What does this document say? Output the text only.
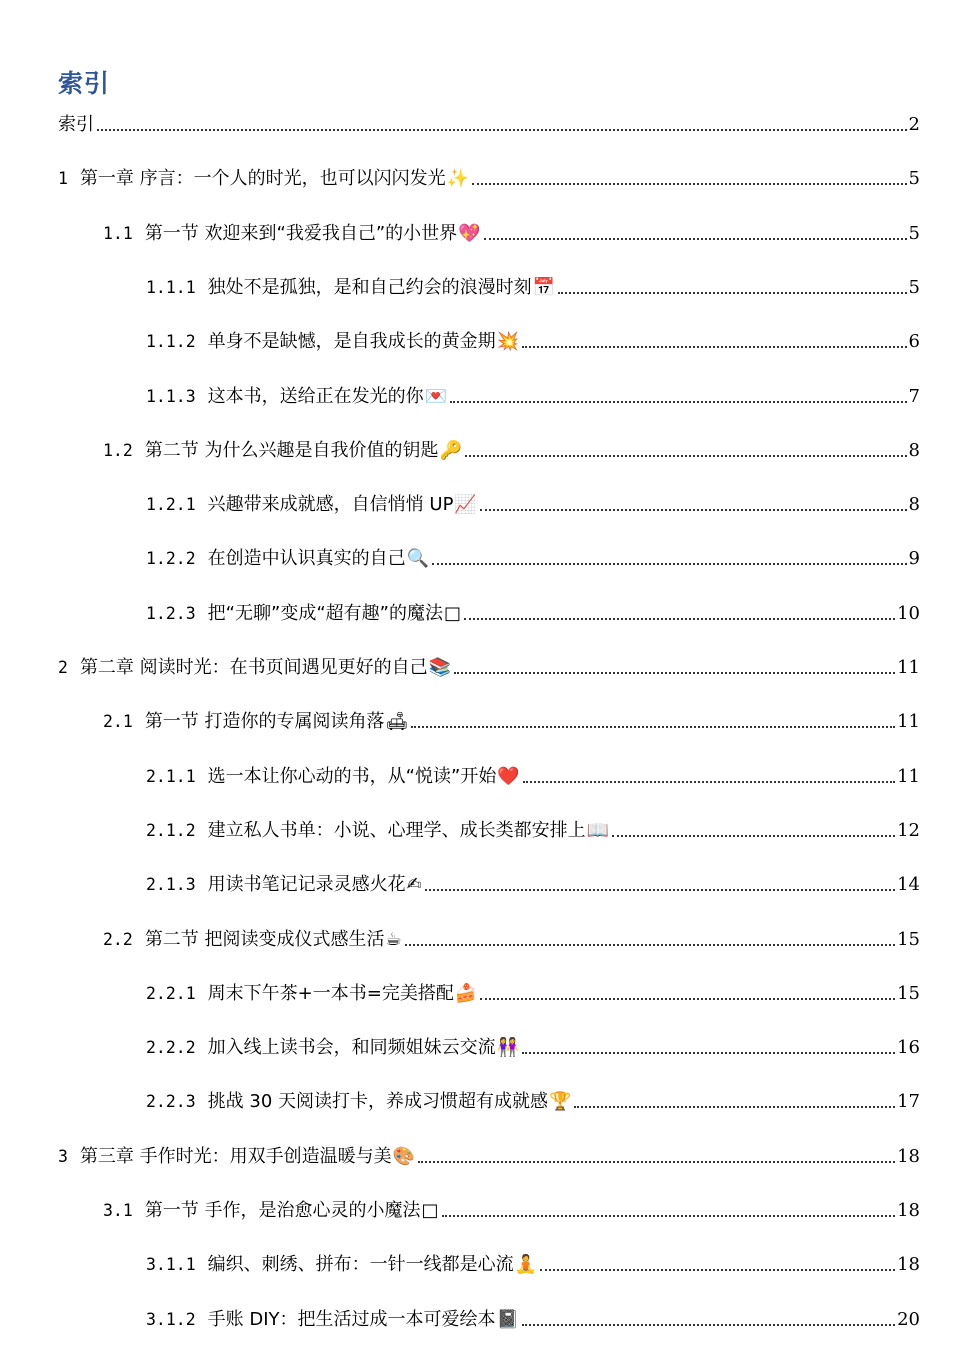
索引
索引	2
1 第一章 序言：一个人的时光，也可以闪闪发光 ✨	5
1.1 第一节 欢迎来到“我爱我自己”的小世界 💖	5
1.1.1 独处不是孤独，是和自己约会的浪漫时刻 📅	5
1.1.2 单身不是缺憾，是自我成长的黄金期 💥	6
1.1.3 这本书，送给正在发光的你 💌	7
1.2 第二节 为什么兴趣是自我价值的钥匙 🔑	8
1.2.1 兴趣带来成就感，自信悄悄 UP 📈	8
1.2.2 在创造中认识真实的自己 🔍	9
1.2.3 把“无聊”变成“超有趣”的魔法 □	10
2 第二章 阅读时光：在书页间遇见更好的自己 📚	11
2.1 第一节 打造你的专属阅读角落 🛋	11
2.1.1 选一本让你心动的书，从“悦读”开始 ❤️	11
2.1.2 建立私人书单：小说、心理学、成长类都安排上 📖	12
2.1.3 用读书笔记记录灵感火花 ✍	14
2.2 第二节 把阅读变成仪式感生活 ☕	15
2.2.1 周末下午茶+一本书=完美搭配 🍰	15
2.2.2 加入线上读书会，和同频姐妹云交流 👭	16
2.2.3 挑战 30 天阅读打卡，养成习惯超有成就感 🏆	17
3 第三章 手作时光：用双手创造温暖与美 🎨	18
3.1 第一节 手作，是治愈心灵的小魔法 □	18
3.1.1 编织、刺绣、拼布：一针一线都是心流 🧘	18
3.1.2 手账 DIY：把生活过成一本可爱绘本 📓	20
